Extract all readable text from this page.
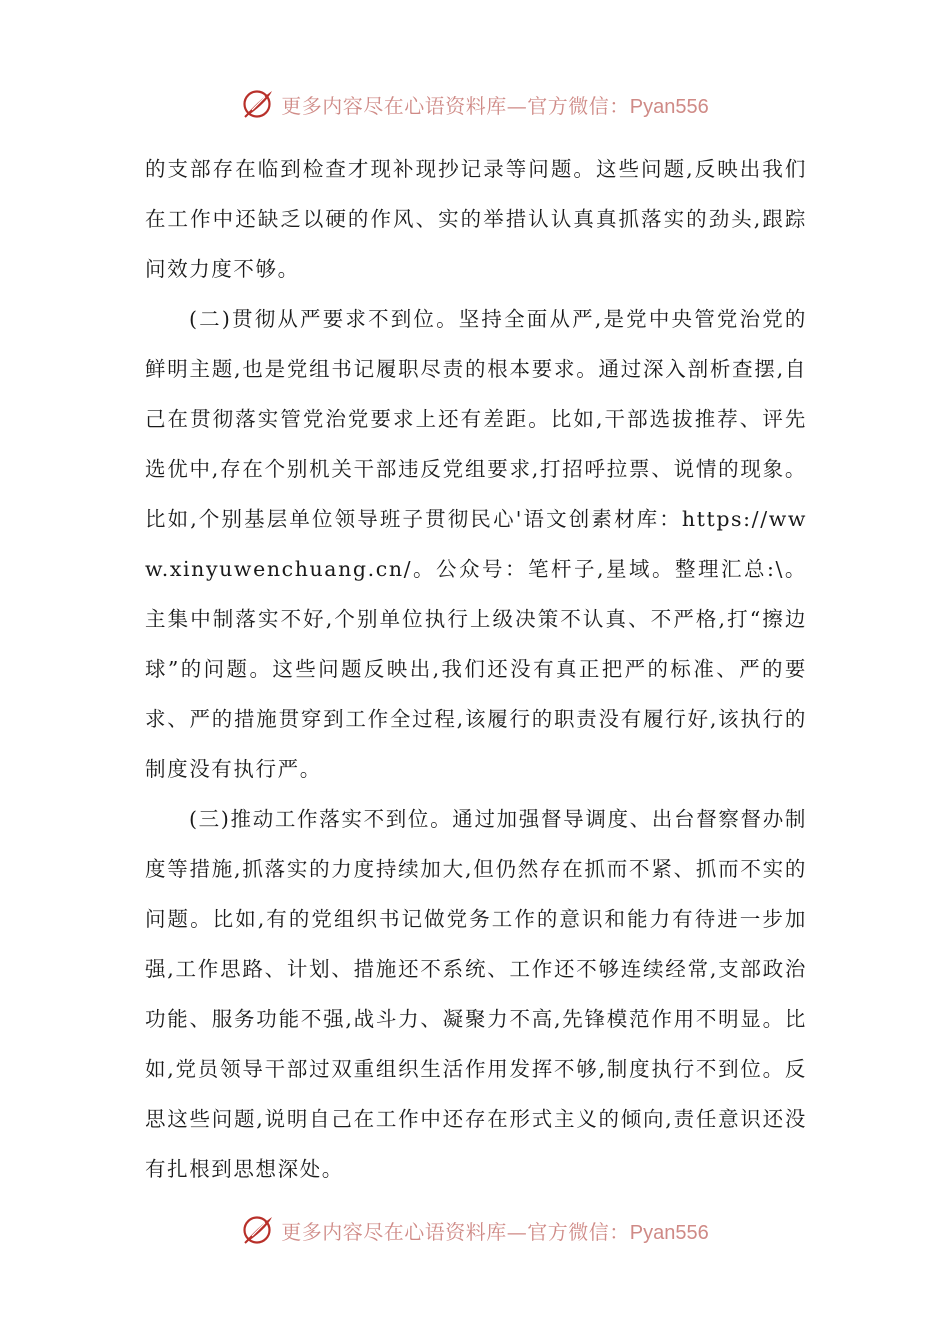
更多内容尽在心语资料库—官方微信：Pyan556

的支部存在临到检查才现补现抄记录等问题。这些问题,反映出我们在工作中还缺乏以硬的作风、实的举措认认真真抓落实的劲头,跟踪问效力度不够。

(二)贯彻从严要求不到位。坚持全面从严,是党中央管党治党的鲜明主题,也是党组书记履职尽责的根本要求。通过深入剖析查摆,自己在贯彻落实管党治党要求上还有差距。比如,干部选拔推荐、评先选优中,存在个别机关干部违反党组要求,打招呼拉票、说情的现象。比如,个别基层单位领导班子贯彻民心'语文创素材库：https://www.xinyuwenchuang.cn/。公众号：笔杆子,星域。整理汇总:\。主集中制落实不好,个别单位执行上级决策不认真、不严格,打“擦边球”的问题。这些问题反映出,我们还没有真正把严的标准、严的要求、严的措施贯穿到工作全过程,该履行的职责没有履行好,该执行的制度没有执行严。

(三)推动工作落实不到位。通过加强督导调度、出台督察督办制度等措施,抓落实的力度持续加大,但仍然存在抓而不紧、抓而不实的问题。比如,有的党组织书记做党务工作的意识和能力有待进一步加强,工作思路、计划、措施还不系统、工作还不够连续经常,支部政治功能、服务功能不强,战斗力、凝聚力不高,先锋模范作用不明显。比如,党员领导干部过双重组织生活作用发挥不够,制度执行不到位。反思这些问题,说明自己在工作中还存在形式主义的倾向,责任意识还没有扎根到思想深处。

更多内容尽在心语资料库—官方微信：Pyan556
